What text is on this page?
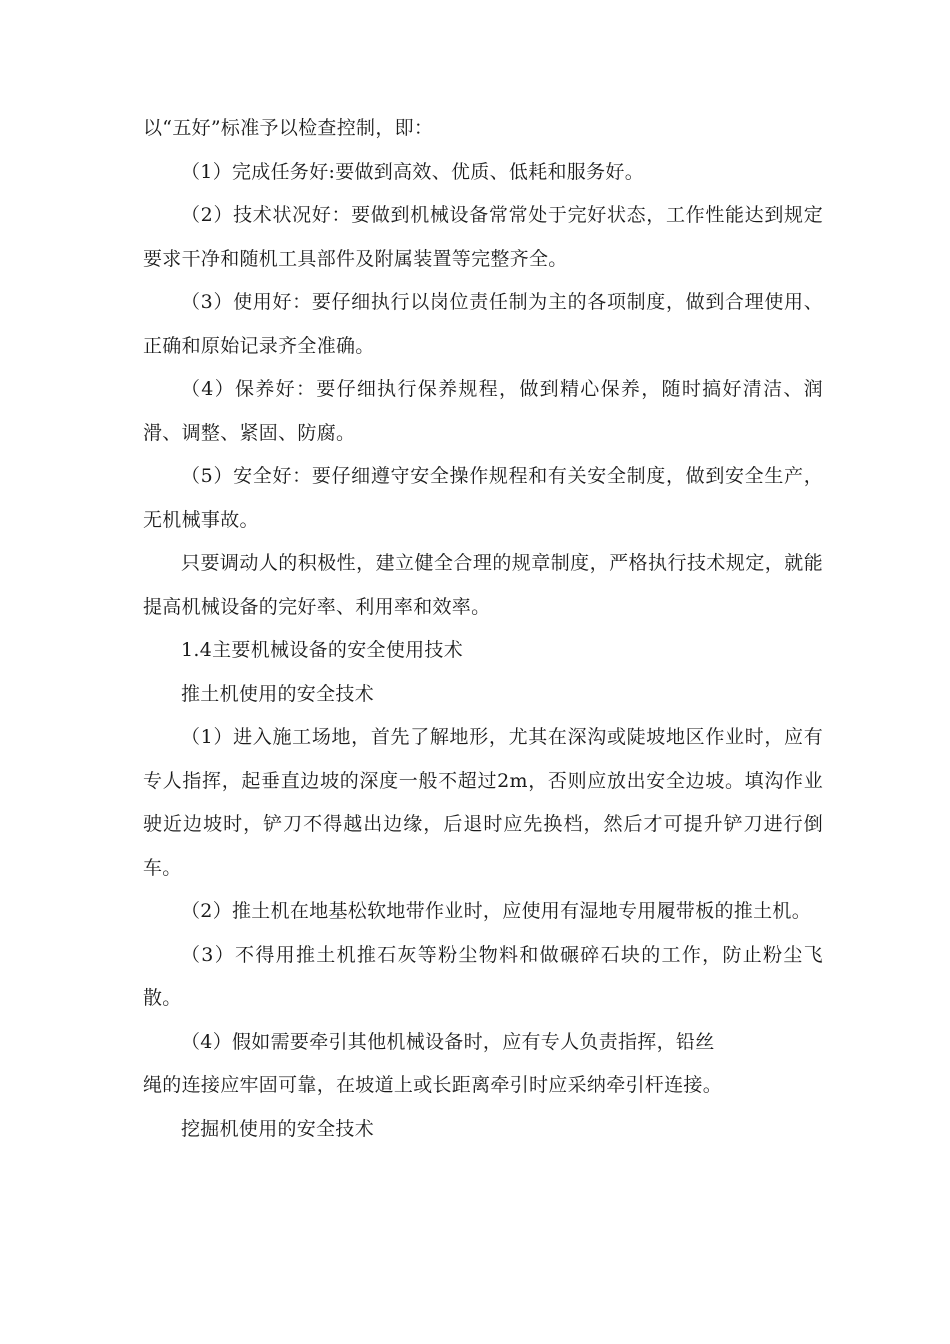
以“五好”标准予以检查控制，即：

（1）完成任务好:要做到高效、优质、低耗和服务好。

（2）技术状况好：要做到机械设备常常处于完好状态，工作性能达到规定要求干净和随机工具部件及附属装置等完整齐全。

（3）使用好：要仔细执行以岗位责任制为主的各项制度，做到合理使用、正确和原始记录齐全准确。

（4）保养好：要仔细执行保养规程，做到精心保养，随时搞好清洁、润滑、调整、紧固、防腐。

（5）安全好：要仔细遵守安全操作规程和有关安全制度，做到安全生产，无机械事故。

只要调动人的积极性，建立健全合理的规章制度，严格执行技术规定，就能提高机械设备的完好率、利用率和效率。

1.4主要机械设备的安全使用技术

推土机使用的安全技术

（1）进入施工场地，首先了解地形，尤其在深沟或陡坡地区作业时，应有专人指挥，起垂直边坡的深度一般不超过2m，否则应放出安全边坡。填沟作业驶近边坡时，铲刀不得越出边缘，后退时应先换档，然后才可提升铲刀进行倒车。

（2）推土机在地基松软地带作业时，应使用有湿地专用履带板的推土机。

（3）不得用推土机推石灰等粉尘物料和做碾碎石块的工作，防止粉尘飞散。

（4）假如需要牵引其他机械设备时，应有专人负责指挥，铅丝

绳的连接应牢固可靠，在坡道上或长距离牵引时应采纳牵引杆连接。

挖掘机使用的安全技术
